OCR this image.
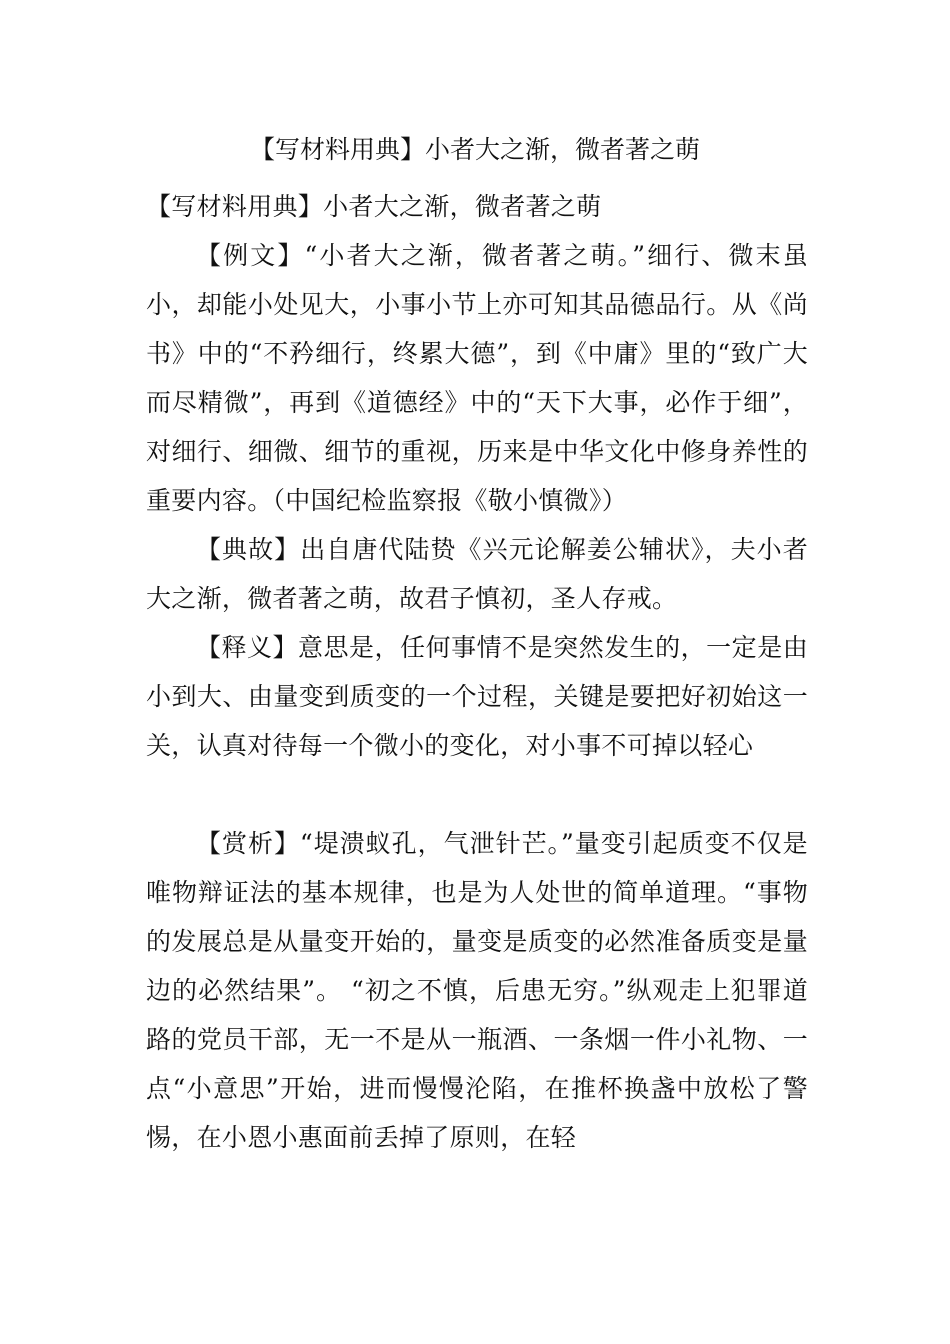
【写材料用典】小者大之渐，微者著之萌

【写材料用典】小者大之渐，微者著之萌

【例文】“小者大之渐，微者著之萌。”细行、微末虽小，却能小处见大，小事小节上亦可知其品德品行。从《尚书》中的“不矜细行，终累大德”，到《中庸》里的“致广大而尽精微”，再到《道德经》中的“天下大事，必作于细”，对细行、细微、细节的重视，历来是中华文化中修身养性的重要内容。（中国纪检监察报《敬小慎微》）

【典故】出自唐代陆贽《兴元论解姜公辅状》，夫小者大之渐，微者著之萌，故君子慎初，圣人存戒。

【释义】意思是，任何事情不是突然发生的，一定是由小到大、由量变到质变的一个过程，关键是要把好初始这一关，认真对待每一个微小的变化，对小事不可掉以轻心

【赏析】“堤溃蚁孔，气泄针芒。”量变引起质变不仅是唯物辩证法的基本规律，也是为人处世的简单道理。“事物的发展总是从量变开始的，量变是质变的必然准备质变是量边的必然结果”。 “初之不慎，后患无穷。”纵观走上犯罪道路的党员干部，无一不是从一瓶酒、一条烟一件小礼物、一点“小意思”开始，进而慢慢沦陷，在推杯换盏中放松了警惕，在小恩小惠面前丢掉了原则，在轻
